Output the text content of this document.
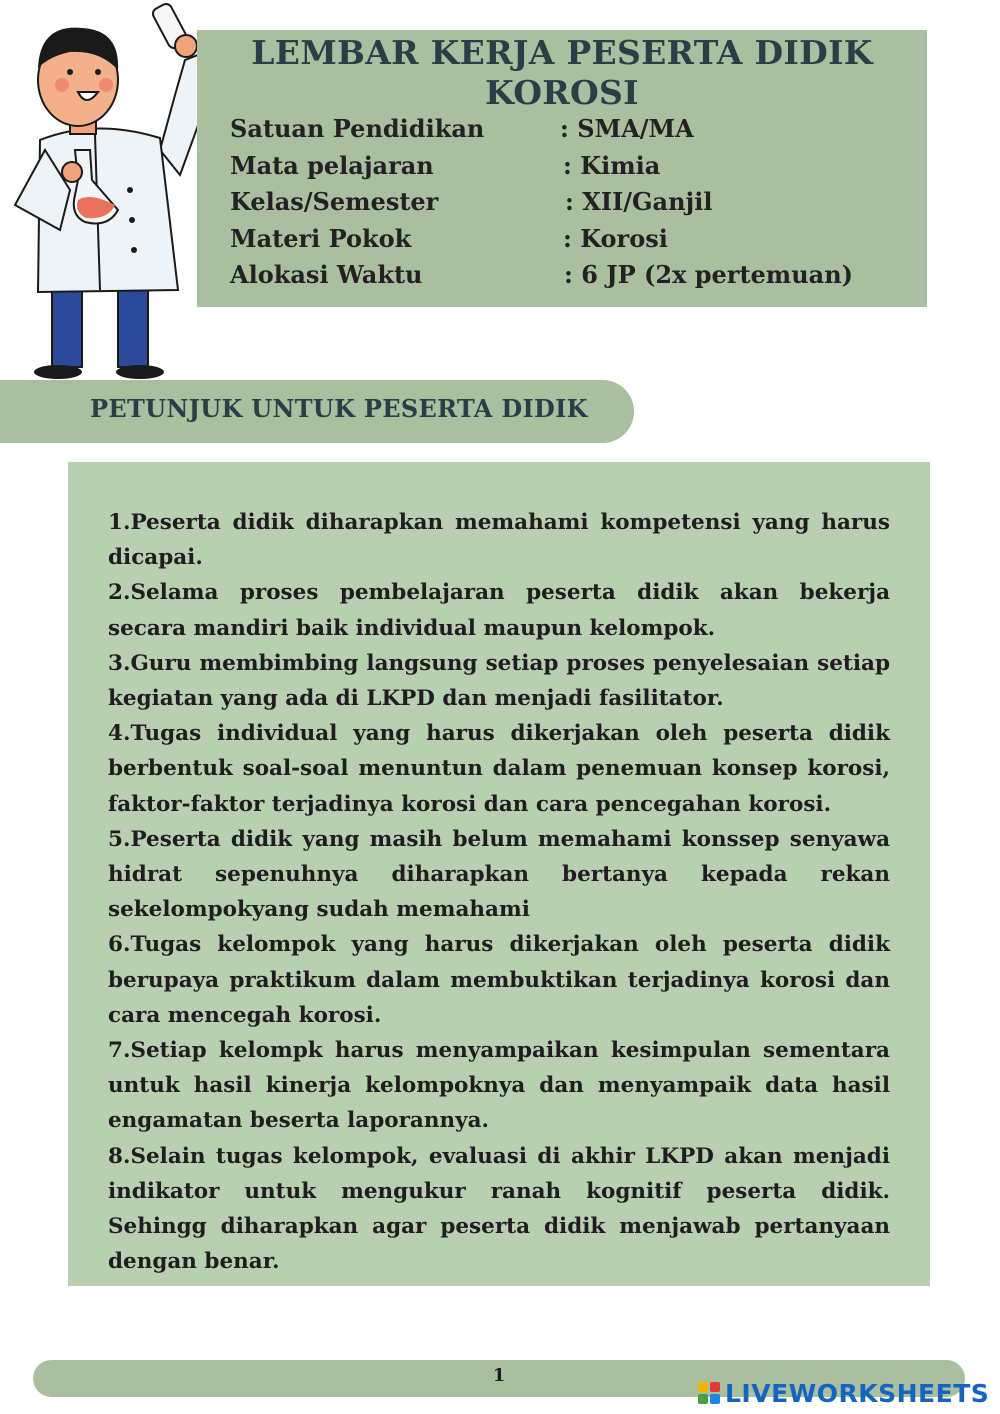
LEMBAR KERJA PESERTA DIDIK
KOROSI
Satuan Pendidikan	: SMA/MA
Mata pelajaran	: Kimia
Kelas/Semester	: XII/Ganjil
Materi Pokok	: Korosi
Alokasi Waktu	: 6 JP (2x pertemuan)
PETUNJUK UNTUK PESERTA DIDIK

1.Peserta didik diharapkan memahami kompetensi yang harus dicapai.

2.Selama proses pembelajaran peserta didik akan bekerja secara mandiri baik individual maupun kelompok.

3.Guru membimbing langsung setiap proses penyelesaian setiap kegiatan yang ada di LKPD dan menjadi fasilitator.

4.Tugas individual yang harus dikerjakan oleh peserta didik berbentuk soal-soal menuntun dalam penemuan konsep korosi, faktor-faktor terjadinya korosi dan cara pencegahan korosi.

5.Peserta didik yang masih belum memahami konssep senyawa hidrat sepenuhnya diharapkan bertanya kepada rekan sekelompokyang sudah memahami

6.Tugas kelompok yang harus dikerjakan oleh peserta didik berupaya praktikum dalam membuktikan terjadinya korosi dan cara mencegah korosi.

7.Setiap kelompk harus menyampaikan kesimpulan sementara untuk hasil kinerja kelompoknya dan menyampaik data hasil engamatan beserta laporannya.

8.Selain tugas kelompok, evaluasi di akhir LKPD akan menjadi indikator untuk mengukur ranah kognitif peserta didik. Sehingg diharapkan agar peserta didik menjawab pertanyaan dengan benar.

1
LIVEWORKSHEETS
